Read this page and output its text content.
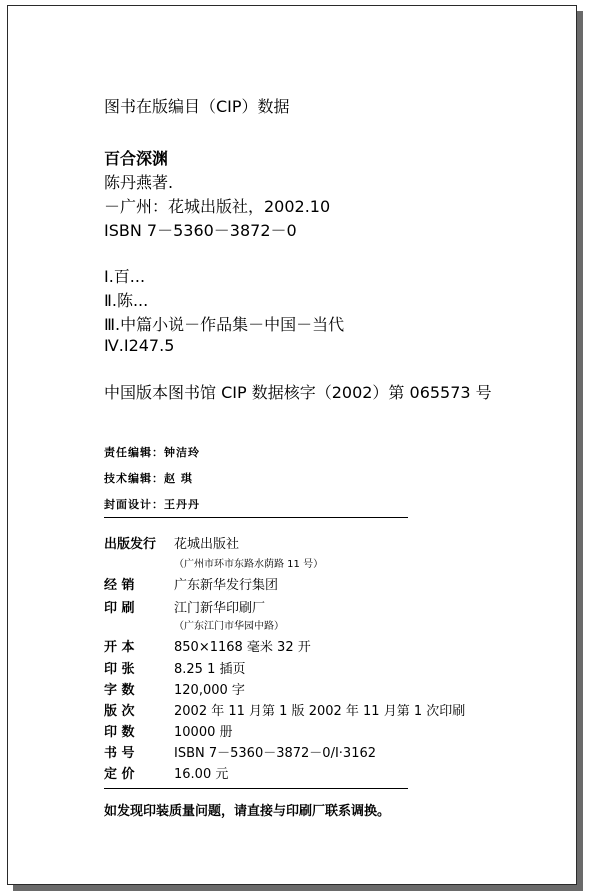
图书在版编目（CIP）数据
百合深渊
陈丹燕著.
－广州：花城出版社，2002.10
ISBN 7－5360－3872－0
Ⅰ.百...
Ⅱ.陈...
Ⅲ.中篇小说－作品集－中国－当代
Ⅳ.I247.5
中国版本图书馆 CIP 数据核字（2002）第 065573 号
责任编辑：钟洁玲
技术编辑：赵 琪
封面设计：王丹丹
出版发行 花城出版社
（广州市环市东路水荫路 11 号）
经 销	广东新华发行集团
印 刷	江门新华印刷厂
（广东江门市华园中路）
开 本	850×1168 毫米 32 开
印 张	8.25 1 插页
字 数	120,000 字
版 次	2002 年 11 月第 1 版 2002 年 11 月第 1 次印刷
印 数	10000 册
书 号	ISBN 7－5360－3872－0/I·3162
定 价	16.00 元
如发现印装质量问题，请直接与印刷厂联系调换。
